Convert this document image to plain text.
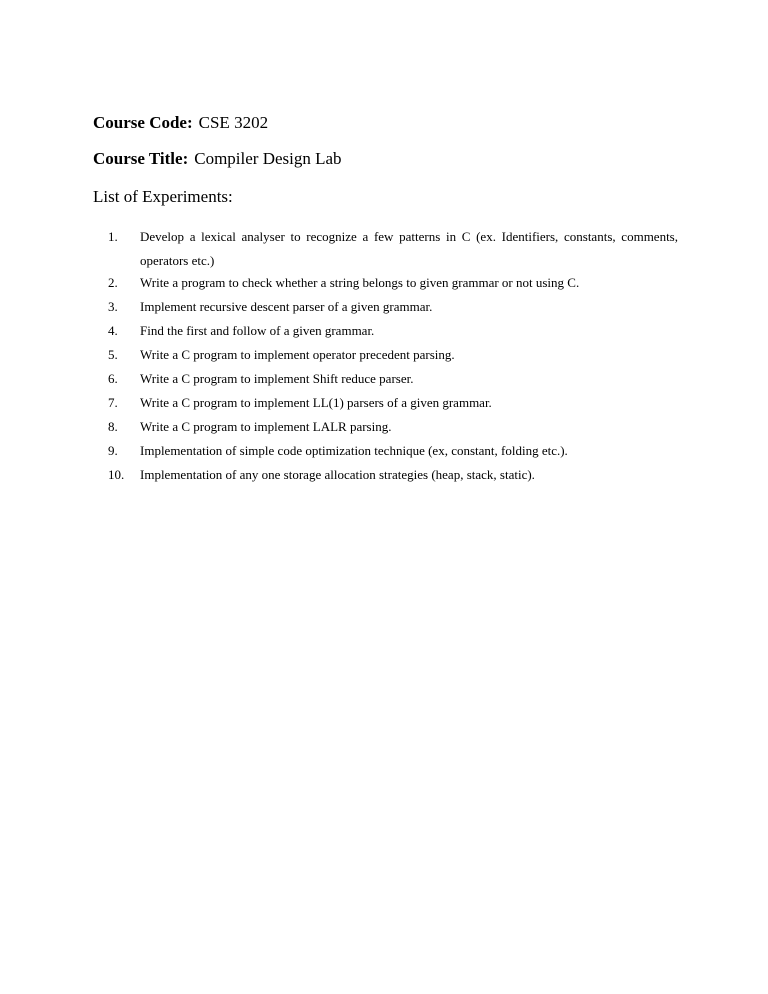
Course Code: CSE 3202
Course Title: Compiler Design Lab
List of Experiments:
1.	Develop a lexical analyser to recognize a few patterns in C (ex. Identifiers, constants, comments, operators etc.)
2.	Write a program to check whether a string belongs to given grammar or not using C.
3.	Implement recursive descent parser of a given grammar.
4.	Find the first and follow of a given grammar.
5.	Write a C program to implement operator precedent parsing.
6.	Write a C program to implement Shift reduce parser.
7.	Write a C program to implement LL(1) parsers of a given grammar.
8.	Write a C program to implement LALR parsing.
9.	Implementation of simple code optimization technique (ex, constant, folding etc.).
10.	Implementation of any one storage allocation strategies (heap, stack, static).
